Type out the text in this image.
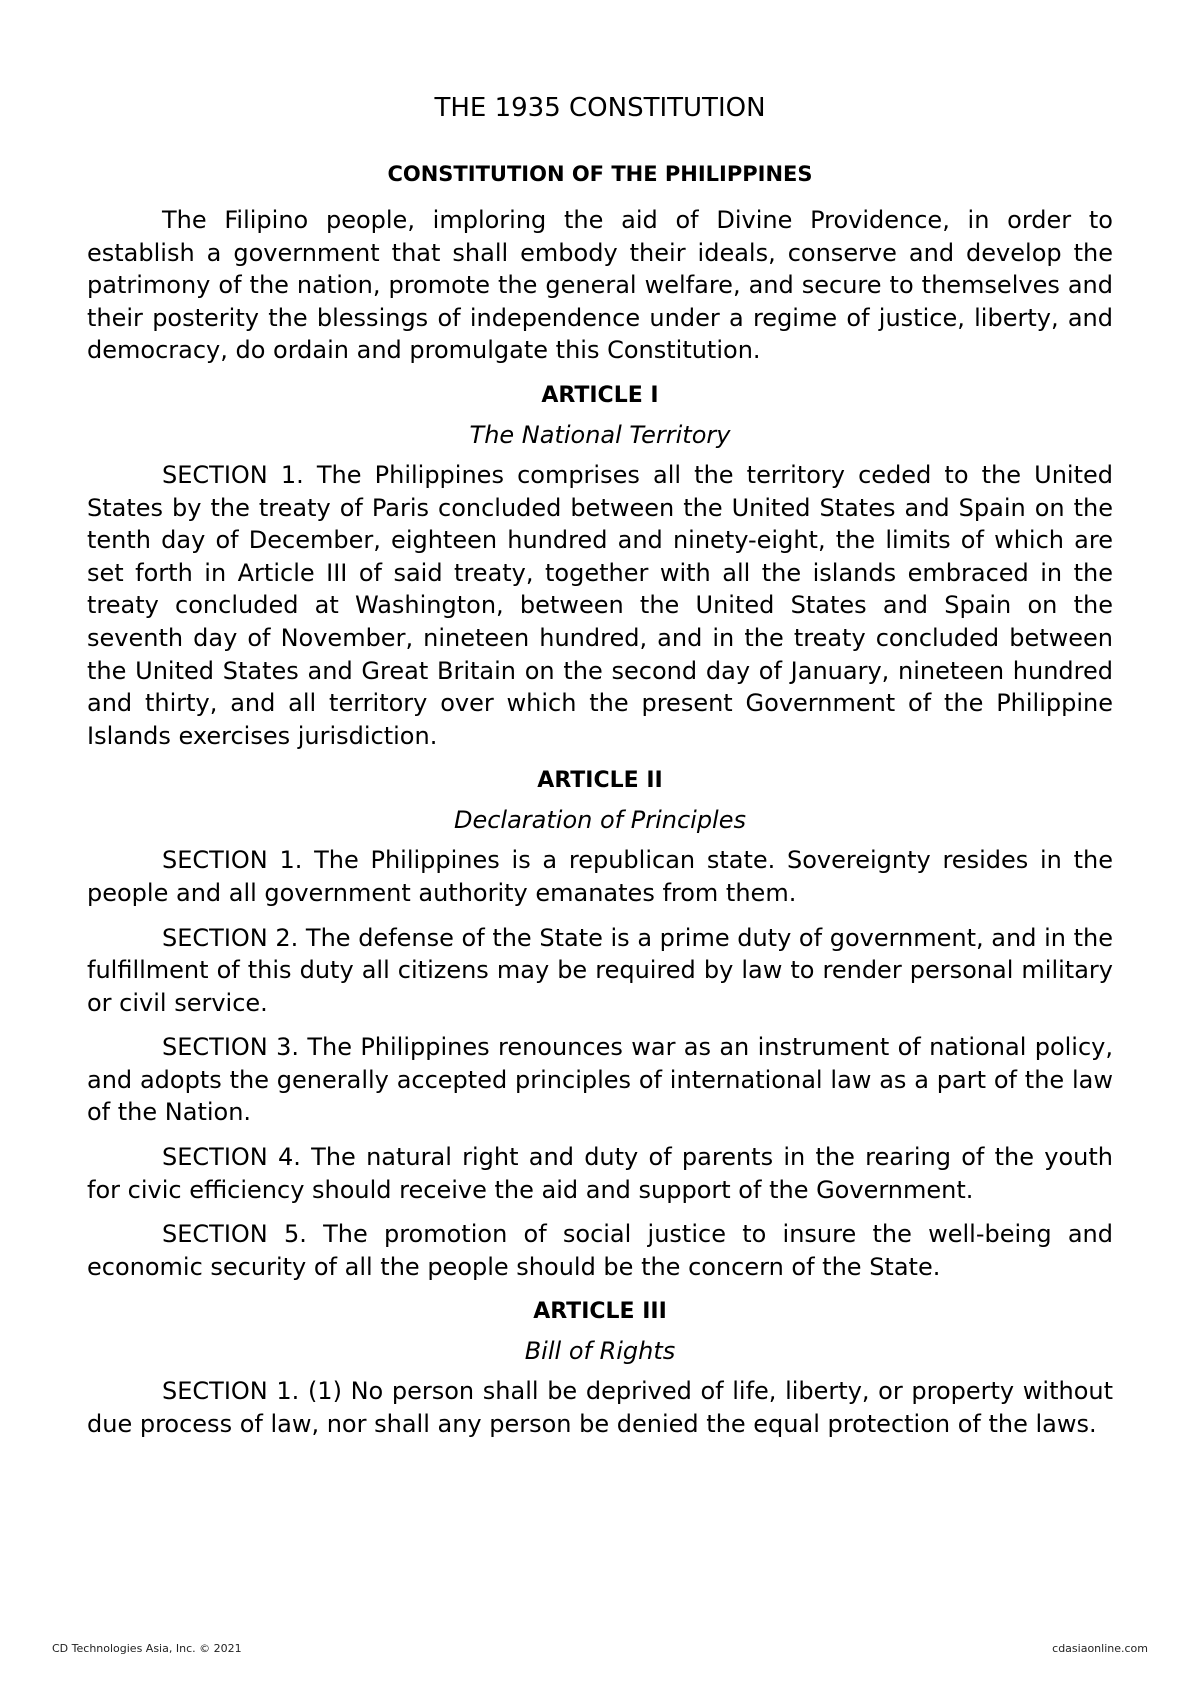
THE 1935 CONSTITUTION
CONSTITUTION OF THE PHILIPPINES

The Filipino people, imploring the aid of Divine Providence, in order to establish a government that shall embody their ideals, conserve and develop the patrimony of the nation, promote the general welfare, and secure to themselves and their posterity the blessings of independence under a regime of justice, liberty, and democracy, do ordain and promulgate this Constitution.

ARTICLE I
The National Territory

SECTION 1. The Philippines comprises all the territory ceded to the United States by the treaty of Paris concluded between the United States and Spain on the tenth day of December, eighteen hundred and ninety-eight, the limits of which are set forth in Article III of said treaty, together with all the islands embraced in the treaty concluded at Washington, between the United States and Spain on the seventh day of November, nineteen hundred, and in the treaty concluded between the United States and Great Britain on the second day of January, nineteen hundred and thirty, and all territory over which the present Government of the Philippine Islands exercises jurisdiction.

ARTICLE II
Declaration of Principles

SECTION 1. The Philippines is a republican state. Sovereignty resides in the people and all government authority emanates from them.

SECTION 2. The defense of the State is a prime duty of government, and in the fulfillment of this duty all citizens may be required by law to render personal military or civil service.

SECTION 3. The Philippines renounces war as an instrument of national policy, and adopts the generally accepted principles of international law as a part of the law of the Nation.

SECTION 4. The natural right and duty of parents in the rearing of the youth for civic efficiency should receive the aid and support of the Government.

SECTION 5. The promotion of social justice to insure the well-being and economic security of all the people should be the concern of the State.

ARTICLE III
Bill of Rights

SECTION 1. (1) No person shall be deprived of life, liberty, or property without due process of law, nor shall any person be denied the equal protection of the laws.

CD Technologies Asia, Inc. © 2021	cdasiaonline.com
